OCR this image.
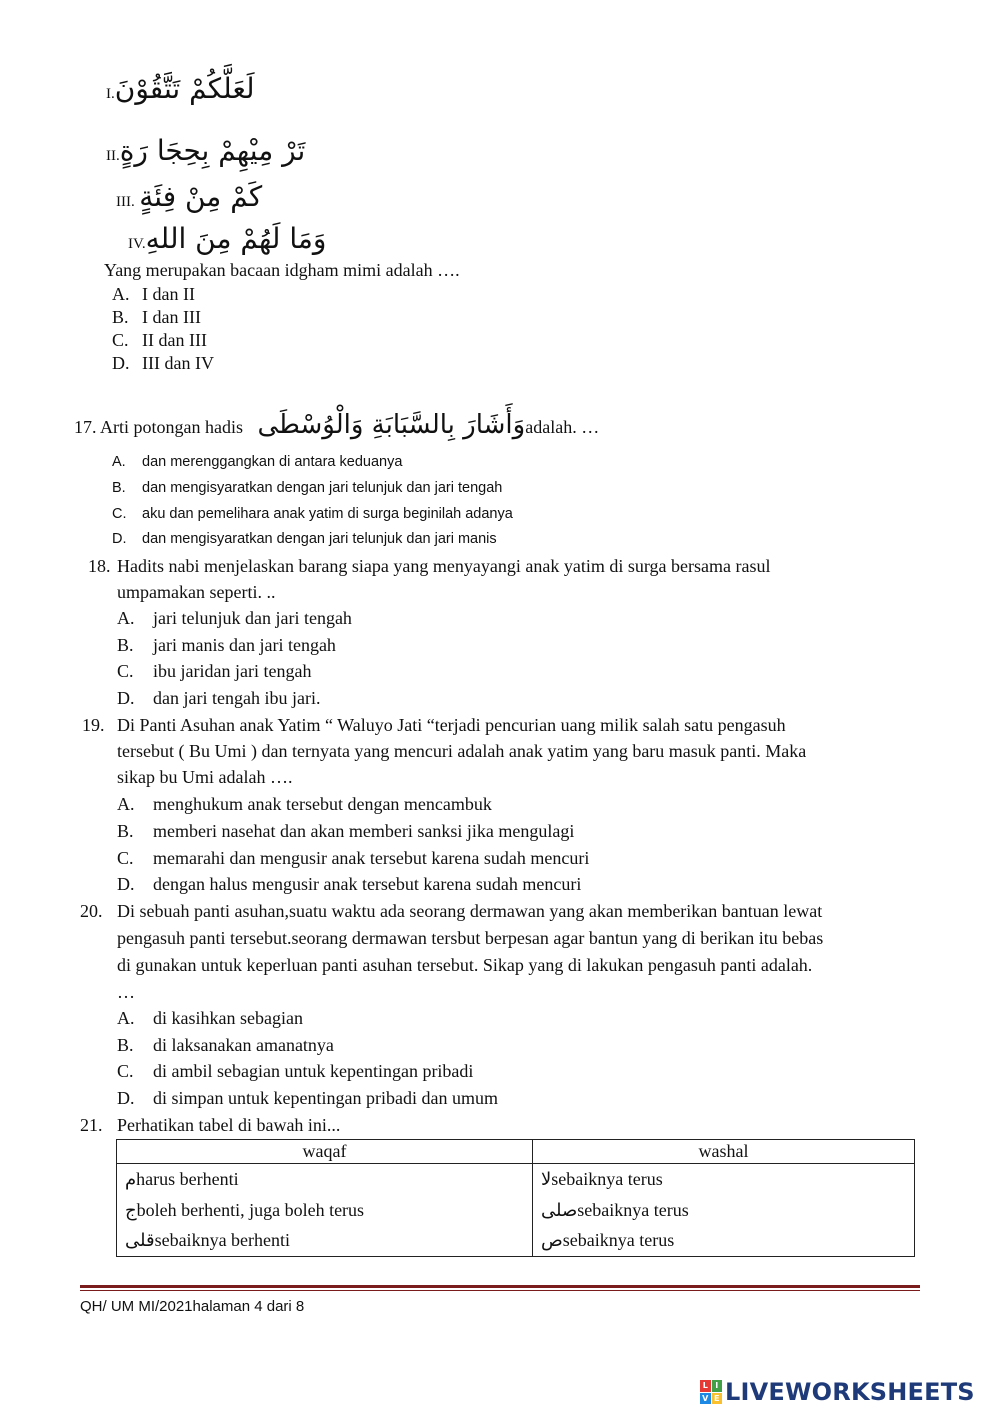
I.لَعَلَّكُمْ تَتَّقُوْنَ
II.تَرْ مِيْهِمْ بِحِجَا رَةٍ
III. كَمْ مِنْ فِئَةٍ
IV.وَمَا لَهُمْ مِنَ اللهِ
Yang merupakan bacaan idgham mimi adalah ….
A. I dan II
B. I dan III
C. II dan III
D. III dan IV
17. Arti potongan hadis وَأَشَارَ بِالسَّبَابَةِ وَالْوُسْطَىadalah. …
A. dan merenggangkan di antara keduanya
B. dan mengisyaratkan dengan jari telunjuk dan jari tengah
C. aku dan pemelihara anak yatim di surga beginilah adanya
D. dan mengisyaratkan dengan jari telunjuk dan jari manis
18. Hadits nabi menjelaskan barang siapa yang menyayangi anak yatim di surga bersama rasul
umpamakan seperti. ..
A. jari telunjuk dan jari tengah
B. jari manis dan jari tengah
C. ibu jaridan jari tengah
D. dan jari tengah ibu jari.
19. Di Panti Asuhan anak Yatim “ Waluyo Jati “terjadi pencurian uang milik salah satu pengasuh
tersebut ( Bu Umi ) dan ternyata yang mencuri adalah anak yatim yang baru masuk panti. Maka
sikap bu Umi adalah ….
A. menghukum anak tersebut dengan mencambuk
B. memberi nasehat dan akan memberi sanksi jika mengulagi
C. memarahi dan mengusir anak tersebut karena sudah mencuri
D. dengan halus mengusir anak tersebut karena sudah mencuri
20. Di sebuah panti asuhan,suatu waktu ada seorang dermawan yang akan memberikan bantuan lewat
pengasuh panti tersebut.seorang dermawan tersbut berpesan agar bantun yang di berikan itu bebas
di gunakan untuk keperluan panti asuhan tersebut. Sikap yang di lakukan pengasuh panti adalah.
…
A. di kasihkan sebagian
B. di laksanakan amanatnya
C. di ambil sebagian untuk kepentingan pribadi
D. di simpan untuk kepentingan pribadi dan umum
21. Perhatikan tabel di bawah ini...
waqaf	washal
مharus berhenti	لاsebaiknya terus
جboleh berhenti, juga boleh terus	صلىsebaiknya terus
قلىsebaiknya berhenti	صsebaiknya terus
QH/ UM MI/2021halaman 4 dari 8
L I
V E LIVEWORKSHEETS
